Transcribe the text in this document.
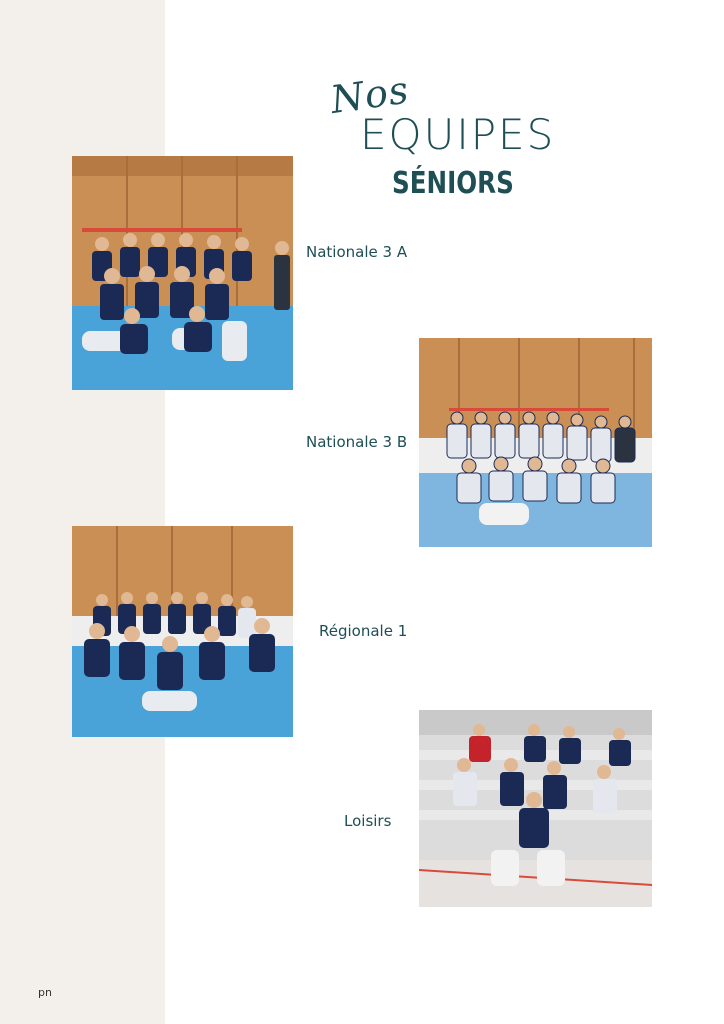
Nos
EQUIPES
SÉNIORS
Nationale 3 A
Nationale 3 B
Régionale 1
Loisirs
pn
